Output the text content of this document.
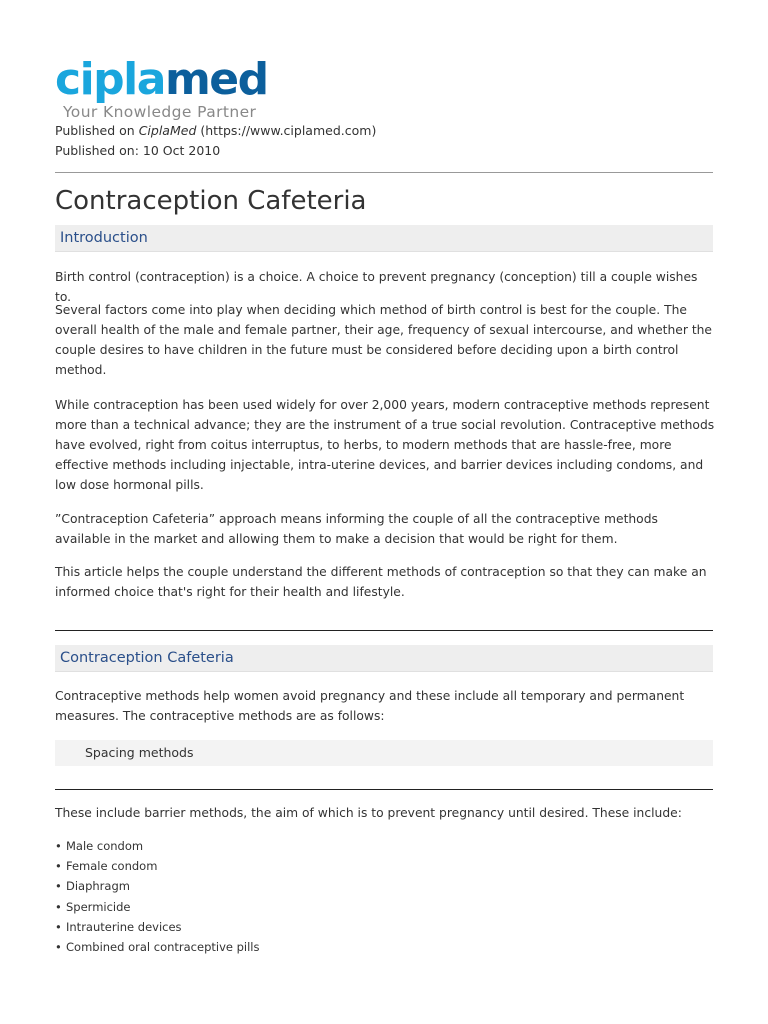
ciplamed
Your Knowledge Partner
Published on CiplaMed (https://www.ciplamed.com)
Published on: 10 Oct 2010
Contraception Cafeteria
Introduction

Birth control (contraception) is a choice. A choice to prevent pregnancy (conception) till a couple wishes to.

Several factors come into play when deciding which method of birth control is best for the couple. The overall health of the male and female partner, their age, frequency of sexual intercourse, and whether the couple desires to have children in the future must be considered before deciding upon a birth control method.

While contraception has been used widely for over 2,000 years, modern contraceptive methods represent more than a technical advance; they are the instrument of a true social revolution. Contraceptive methods have evolved, right from coitus interruptus, to herbs, to modern methods that are hassle-free, more effective methods including injectable, intra-uterine devices, and barrier devices including condoms, and low dose hormonal pills.

”Contraception Cafeteria” approach means informing the couple of all the contraceptive methods available in the market and allowing them to make a decision that would be right for them.

This article helps the couple understand the different methods of contraception so that they can make an informed choice that's right for their health and lifestyle.

Contraception Cafeteria

Contraceptive methods help women avoid pregnancy and these include all temporary and permanent measures. The contraceptive methods are as follows:

Spacing methods

These include barrier methods, the aim of which is to prevent pregnancy until desired. These include:

• Male condom
• Female condom
• Diaphragm
• Spermicide
• Intrauterine devices
• Combined oral contraceptive pills
